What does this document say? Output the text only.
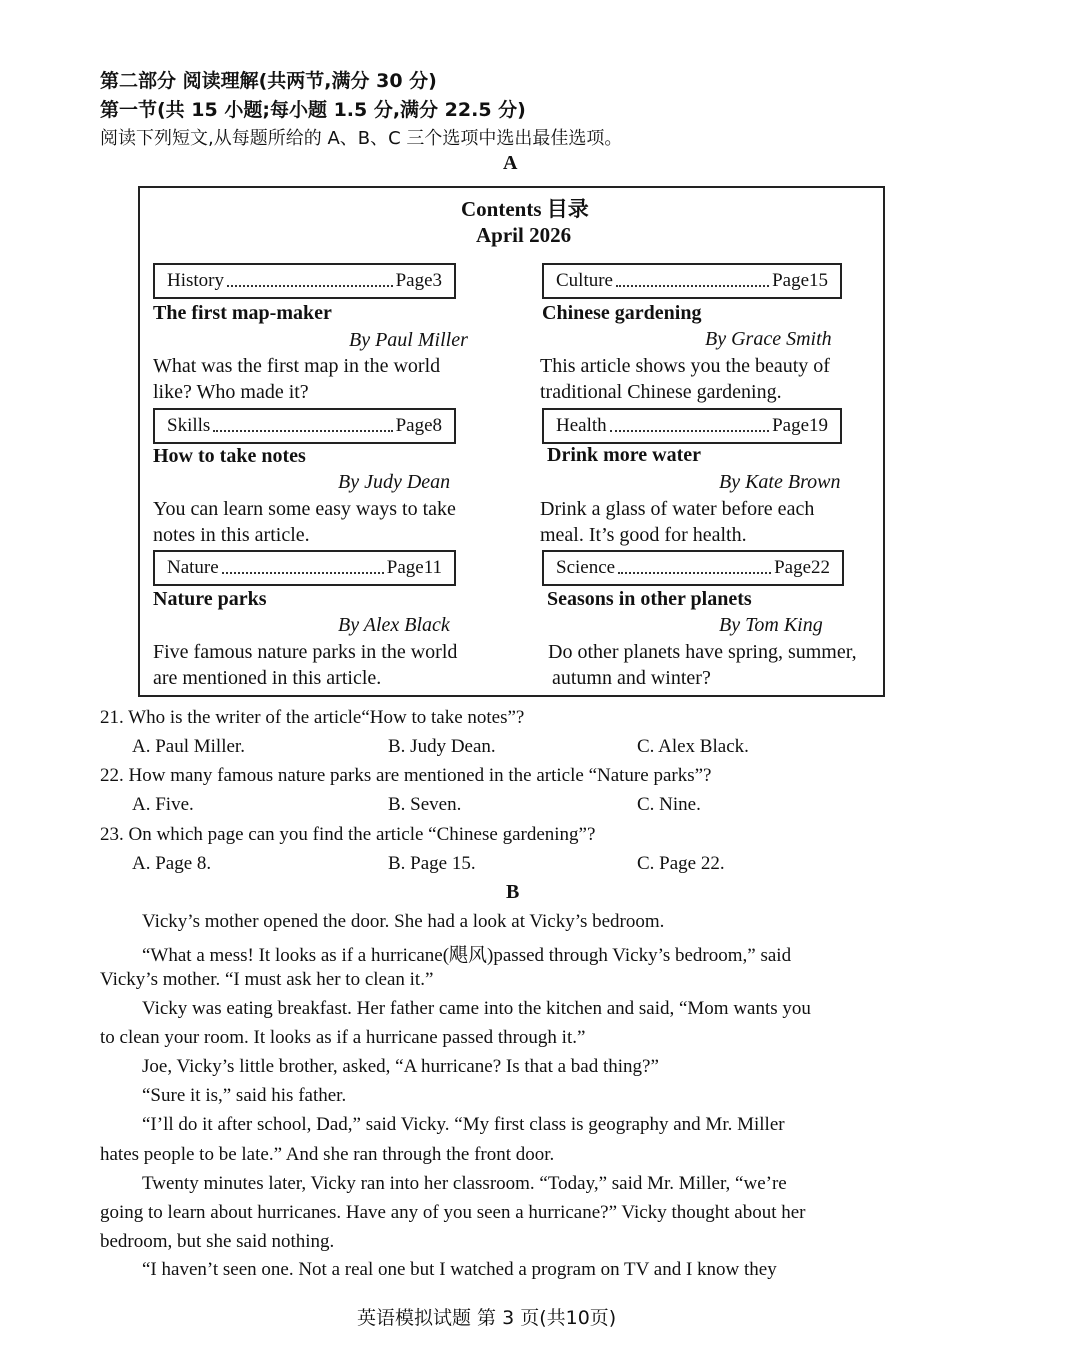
第二部分 阅读理解(共两节,满分 30 分)
第一节(共 15 小题;每小题 1.5 分,满分 22.5 分)
阅读下列短文,从每题所给的 A、B、C 三个选项中选出最佳选项。
A
Contents 目录
April 2026
History	Page3
The first map-maker
By Paul Miller
What was the first map in the world
like? Who made it?
Culture	Page15
Chinese gardening
By Grace Smith
This article shows you the beauty of
traditional Chinese gardening.
Skills	Page8
How to take notes
By Judy Dean
You can learn some easy ways to take
notes in this article.
Health	Page19
Drink more water
By Kate Brown
Drink a glass of water before each
meal. It’s good for health.
Nature	Page11
Nature parks
By Alex Black
Five famous nature parks in the world
are mentioned in this article.
Science	Page22
Seasons in other planets
By Tom King
Do other planets have spring, summer,
autumn and winter?
21. Who is the writer of the article“How to take notes”?
A. Paul Miller.	B. Judy Dean.	C. Alex Black.
22. How many famous nature parks are mentioned in the article “Nature parks”?
A. Five.	B. Seven.	C. Nine.
23. On which page can you find the article “Chinese gardening”?
A. Page 8.	B. Page 15.	C. Page 22.
B
Vicky’s mother opened the door. She had a look at Vicky’s bedroom.
“What a mess! It looks as if a hurricane(飓风)passed through Vicky’s bedroom,” said
Vicky’s mother. “I must ask her to clean it.”
Vicky was eating breakfast. Her father came into the kitchen and said, “Mom wants you
to clean your room. It looks as if a hurricane passed through it.”
Joe, Vicky’s little brother, asked, “A hurricane? Is that a bad thing?”
“Sure it is,” said his father.
“I’ll do it after school, Dad,” said Vicky. “My first class is geography and Mr. Miller
hates people to be late.” And she ran through the front door.
Twenty minutes later, Vicky ran into her classroom. “Today,” said Mr. Miller, “we’re
going to learn about hurricanes. Have any of you seen a hurricane?” Vicky thought about her
bedroom, but she said nothing.
“I haven’t seen one. Not a real one but I watched a program on TV and I know they
英语模拟试题 第 3 页(共10页)
